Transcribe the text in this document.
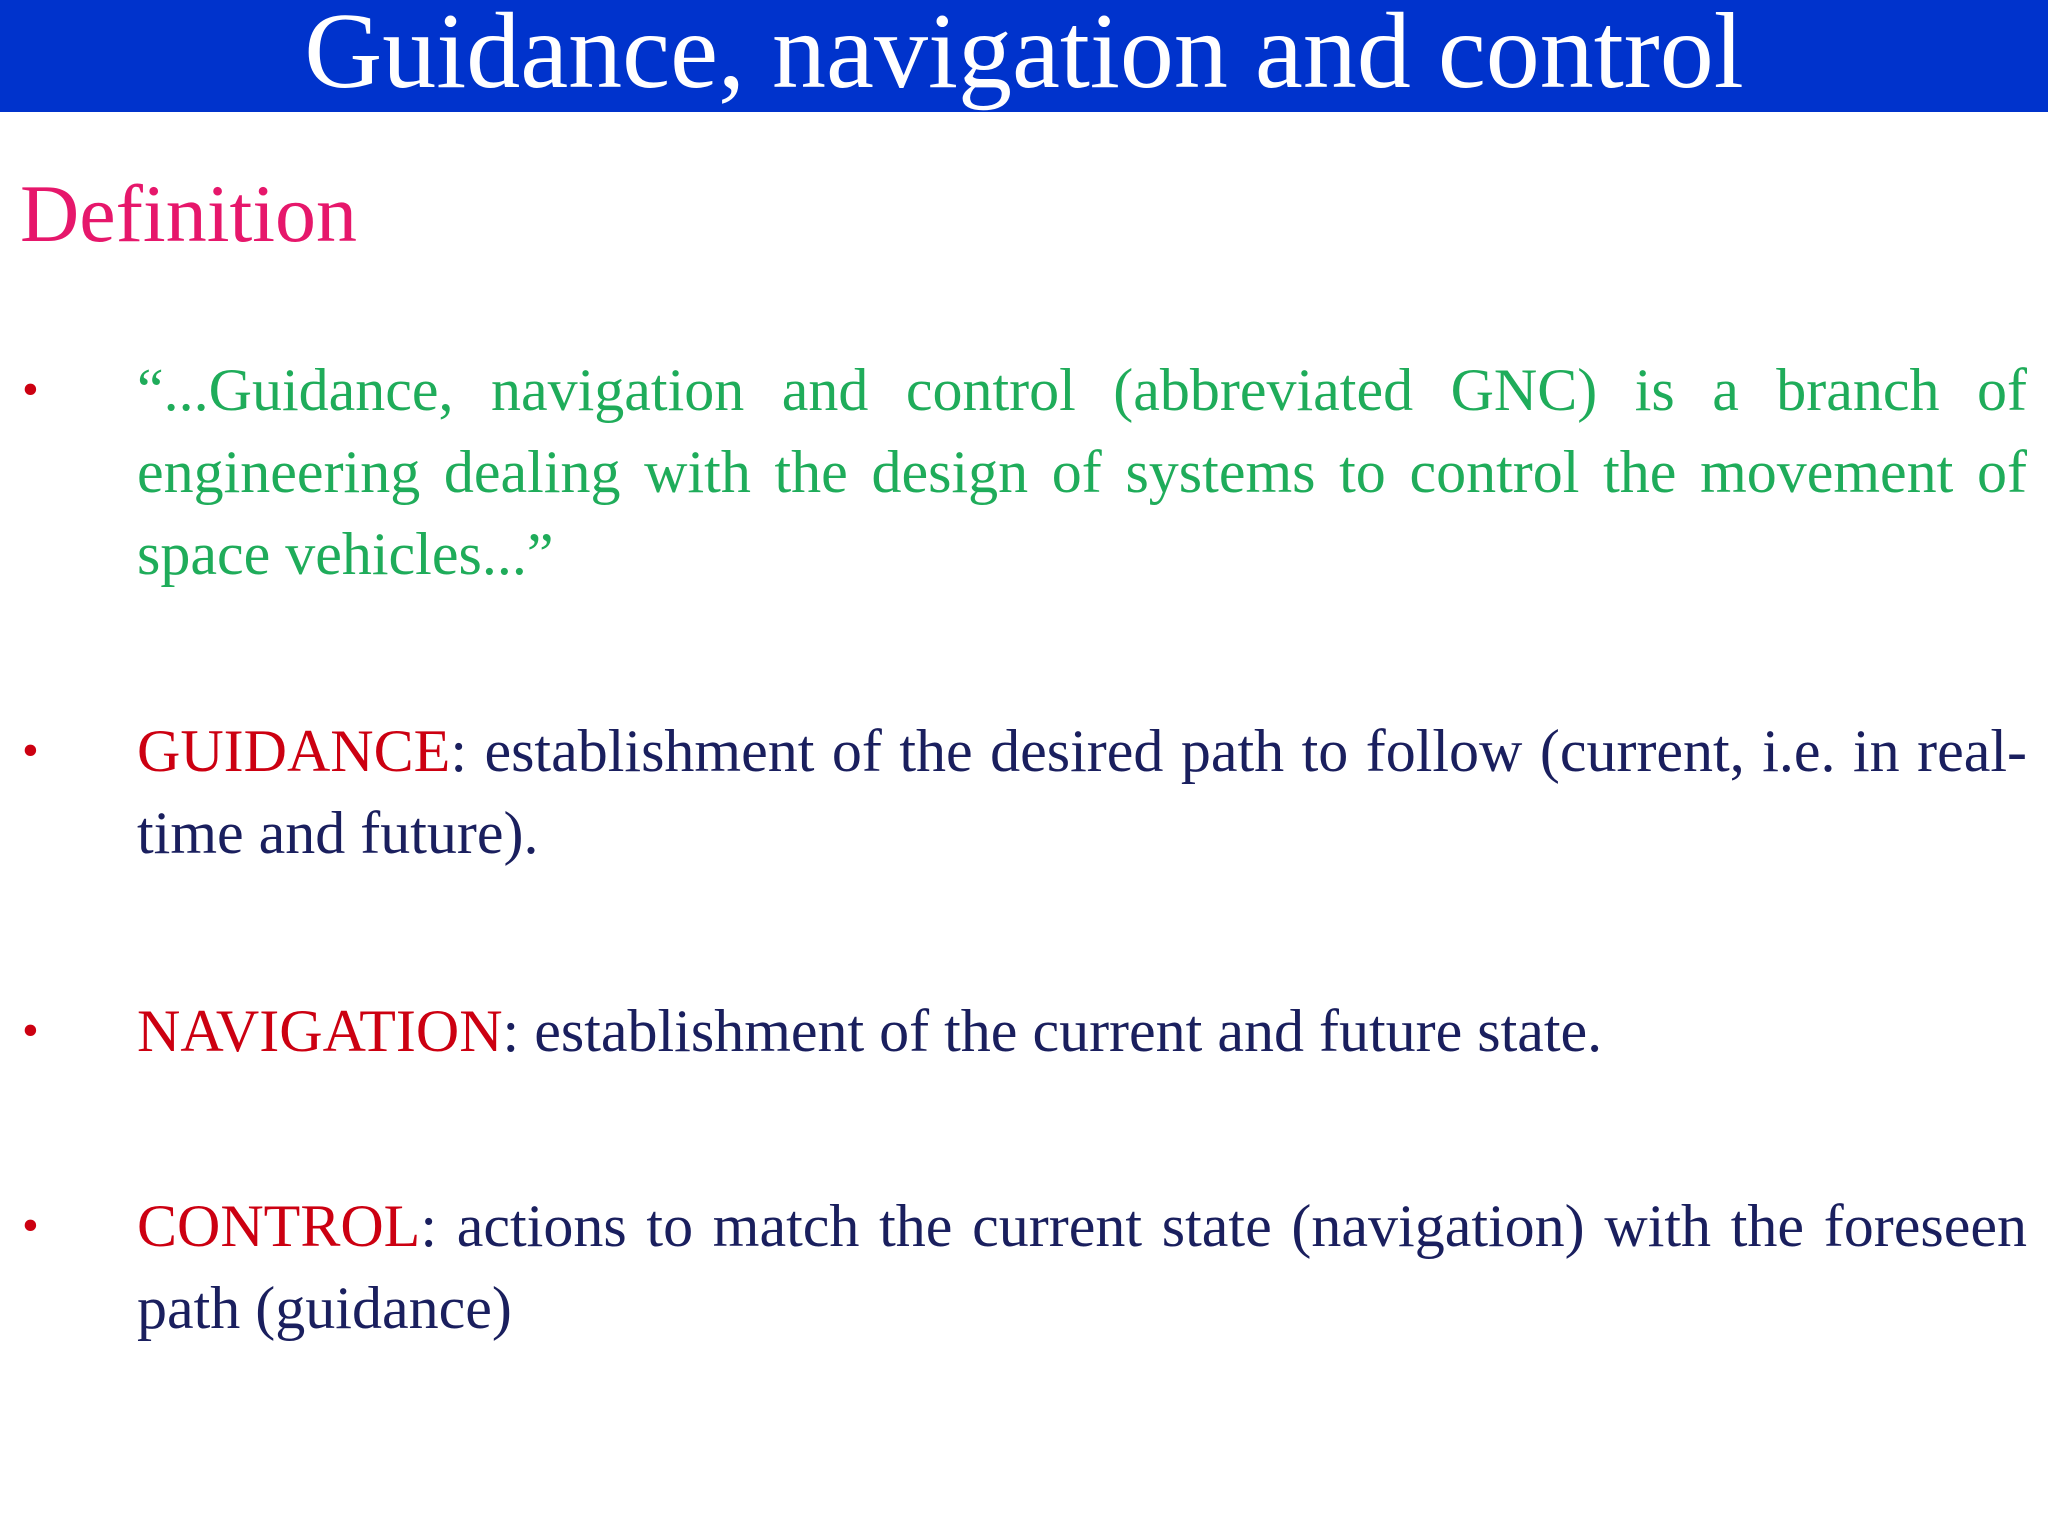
Guidance, navigation and control
Definition
• “...Guidance, navigation and control (abbreviated GNC) is a branch of engineering dealing with the design of systems to control the movement of space vehicles...”
• GUIDANCE: establishment of the desired path to follow (current, i.e. in real-time and future).
• NAVIGATION: establishment of the current and future state.
• CONTROL: actions to match the current state (navigation) with the foreseen path (guidance)
